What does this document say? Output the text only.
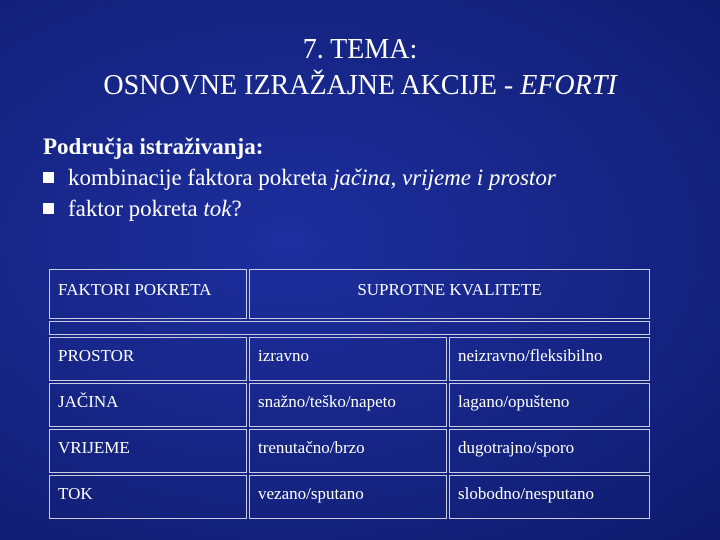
7. TEMA:
OSNOVNE IZRAŽAJNE AKCIJE - EFORTI
Područja istraživanja:
kombinacije faktora pokreta jačina, vrijeme i prostor
faktor pokreta tok?
FAKTORI POKRETA	SUPROTNE KVALITETE	

PROSTOR	izravno	neizravno/fleksibilno
JAČINA	snažno/teško/napeto	lagano/opušteno
VRIJEME	trenutačno/brzo	dugotrajno/sporo
TOK	vezano/sputano	slobodno/nesputano
